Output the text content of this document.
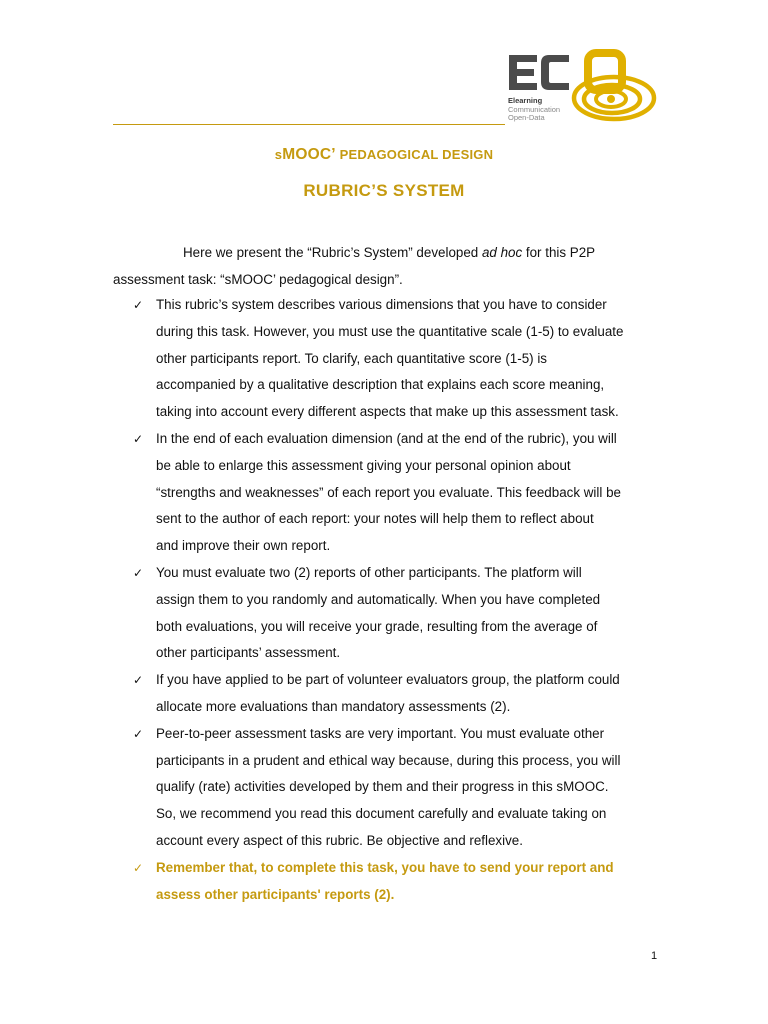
Elearning
Communication
Open-Data
sMOOC’ PEDAGOGICAL DESIGN
RUBRIC’S SYSTEM
Here we present the “Rubric’s System” developed ad hoc for this P2P
assessment task: “sMOOC’ pedagogical design”.
✓ This rubric’s system describes various dimensions that you have to consider
during this task. However, you must use the quantitative scale (1-5) to evaluate
other participants report. To clarify, each quantitative score (1-5) is
accompanied by a qualitative description that explains each score meaning,
taking into account every different aspects that make up this assessment task.
✓ In the end of each evaluation dimension (and at the end of the rubric), you will
be able to enlarge this assessment giving your personal opinion about
“strengths and weaknesses” of each report you evaluate. This feedback will be
sent to the author of each report: your notes will help them to reflect about
and improve their own report.
✓ You must evaluate two (2) reports of other participants. The platform will
assign them to you randomly and automatically. When you have completed
both evaluations, you will receive your grade, resulting from the average of
other participants’ assessment.
✓ If you have applied to be part of volunteer evaluators group, the platform could
allocate more evaluations than mandatory assessments (2).
✓ Peer-to-peer assessment tasks are very important. You must evaluate other
participants in a prudent and ethical way because, during this process, you will
qualify (rate) activities developed by them and their progress in this sMOOC.
So, we recommend you read this document carefully and evaluate taking on
account every aspect of this rubric. Be objective and reflexive.
✓ Remember that, to complete this task, you have to send your report and
assess other participants' reports (2).
1
